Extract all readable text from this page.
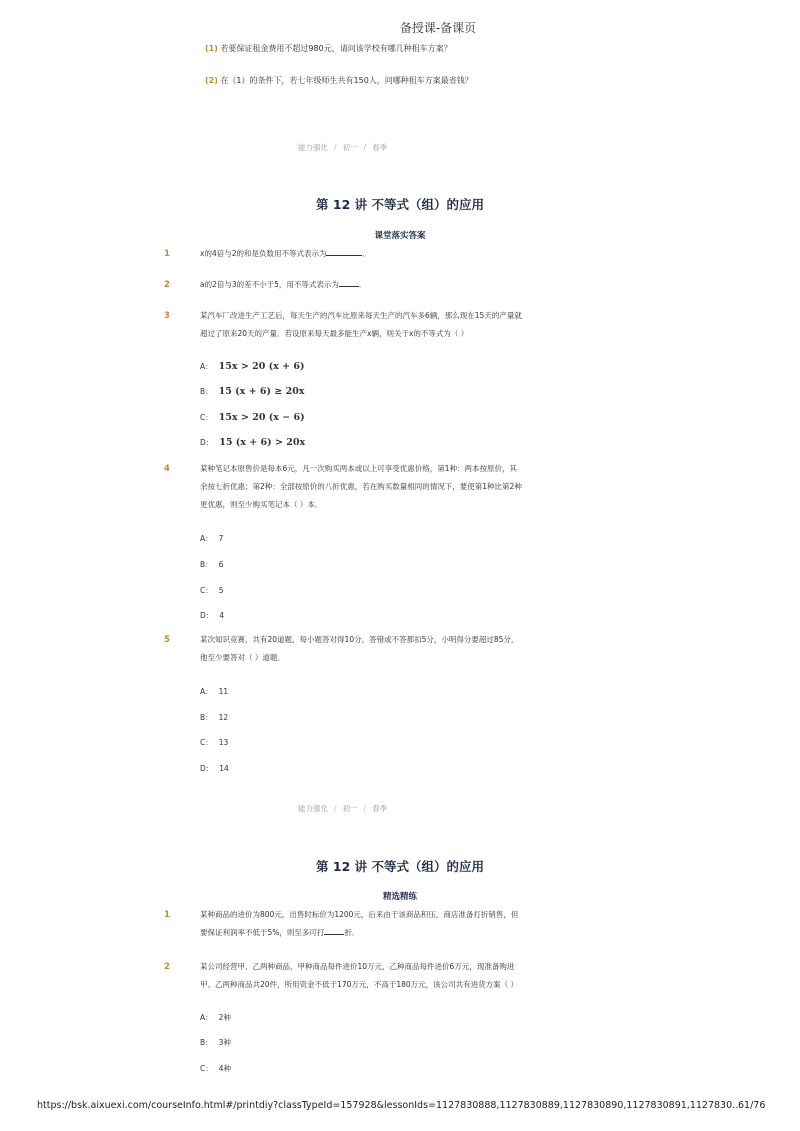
备授课-备课页
(1) 若要保证租金费用不超过980元，请问该学校有哪几种租车方案？
(2) 在（1）的条件下，若七年级师生共有150人，问哪种租车方案最省钱？
能力强化 / 初一 / 春季
第 12 讲 不等式（组）的应用
课堂落实答案
1	x的4倍与2的和是负数用不等式表示为	．
2	a的2倍与3的差不小于5，用不等式表示为	．
3	某汽车厂改进生产工艺后，每天生产的汽车比原来每天生产的汽车多6辆，那么现在15天的产量就
超过了原来20天的产量．若设原来每天最多能生产x辆，则关于x的不等式为（ ）
A： 15x > 20 (x + 6)
B： 15 (x + 6) ≥ 20x
C： 15x > 20 (x − 6)
D： 15 (x + 6) > 20x
4	某种笔记本原售价是每本6元，凡一次购买两本或以上可享受优惠价格，第1种：两本按原价，其
余按七折优惠；第2种：全部按原价的八折优惠，若在购买数量相同的情况下，要使第1种比第2种
更优惠，则至少购买笔记本（ ）本．
A： 7
B： 6
C： 5
D： 4
5	某次知识竞赛，共有20道题，每小题答对得10分，答错或不答都扣5分，小明得分要超过85分，
他至少要答对（ ）道题．
A： 11
B： 12
C： 13
D： 14
能力强化 / 初一 / 春季
第 12 讲 不等式（组）的应用
精选精练
1	某种商品的进价为800元，出售时标价为1200元，后来由于该商品积压，商店准备打折销售，但
要保证利润率不低于5%，则至多可打	折．
2	某公司经营甲、乙两种商品，甲种商品每件进价10万元，乙种商品每件进价6万元，现准备购进
甲、乙两种商品共20件，所用资金不低于170万元，不高于180万元，该公司共有进货方案（ ）
A： 2种
B： 3种
C： 4种
https://bsk.aixuexi.com/courseInfo.html#/printdiy?classTypeId=157928&lessonIds=1127830888,1127830889,1127830890,1127830891,1127830…
61/76
